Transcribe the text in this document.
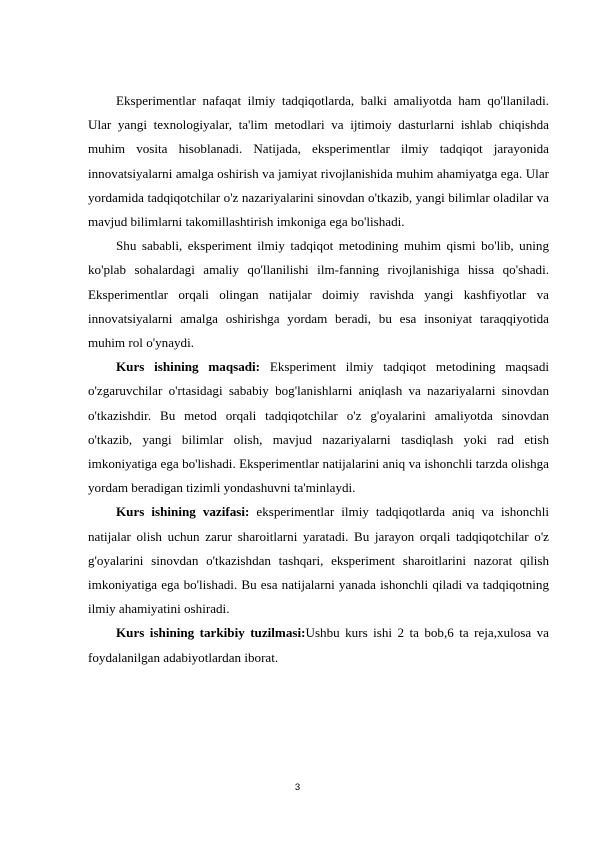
Eksperimentlar nafaqat ilmiy tadqiqotlarda, balki amaliyotda ham qo'llaniladi. Ular yangi texnologiyalar, ta'lim metodlari va ijtimoiy dasturlarni ishlab chiqishda muhim vosita hisoblanadi. Natijada, eksperimentlar ilmiy tadqiqot jarayonida innovatsiyalarni amalga oshirish va jamiyat rivojlanishida muhim ahamiyatga ega. Ular yordamida tadqiqotchilar o'z nazariyalarini sinovdan o'tkazib, yangi bilimlar oladilar va mavjud bilimlarni takomillashtirish imkoniga ega bo'lishadi.

Shu sababli, eksperiment ilmiy tadqiqot metodining muhim qismi bo'lib, uning ko'plab sohalardagi amaliy qo'llanilishi ilm-fanning rivojlanishiga hissa qo'shadi. Eksperimentlar orqali olingan natijalar doimiy ravishda yangi kashfiyotlar va innovatsiyalarni amalga oshirishga yordam beradi, bu esa insoniyat taraqqiyotida muhim rol o'ynaydi.

Kurs ishining maqsadi: Eksperiment ilmiy tadqiqot metodining maqsadi o'zgaruvchilar o'rtasidagi sababiy bog'lanishlarni aniqlash va nazariyalarni sinovdan o'tkazishdir. Bu metod orqali tadqiqotchilar o'z g'oyalarini amaliyotda sinovdan o'tkazib, yangi bilimlar olish, mavjud nazariyalarni tasdiqlash yoki rad etish imkoniyatiga ega bo'lishadi. Eksperimentlar natijalarini aniq va ishonchli tarzda olishga yordam beradigan tizimli yondashuvni ta'minlaydi.

Kurs ishining vazifasi: eksperimentlar ilmiy tadqiqotlarda aniq va ishonchli natijalar olish uchun zarur sharoitlarni yaratadi. Bu jarayon orqali tadqiqotchilar o'z g'oyalarini sinovdan o'tkazishdan tashqari, eksperiment sharoitlarini nazorat qilish imkoniyatiga ega bo'lishadi. Bu esa natijalarni yanada ishonchli qiladi va tadqiqotning ilmiy ahamiyatini oshiradi.

Kurs ishining tarkibiy tuzilmasi:Ushbu kurs ishi 2 ta bob,6 ta reja,xulosa va foydalanilgan adabiyotlardan iborat.

3
